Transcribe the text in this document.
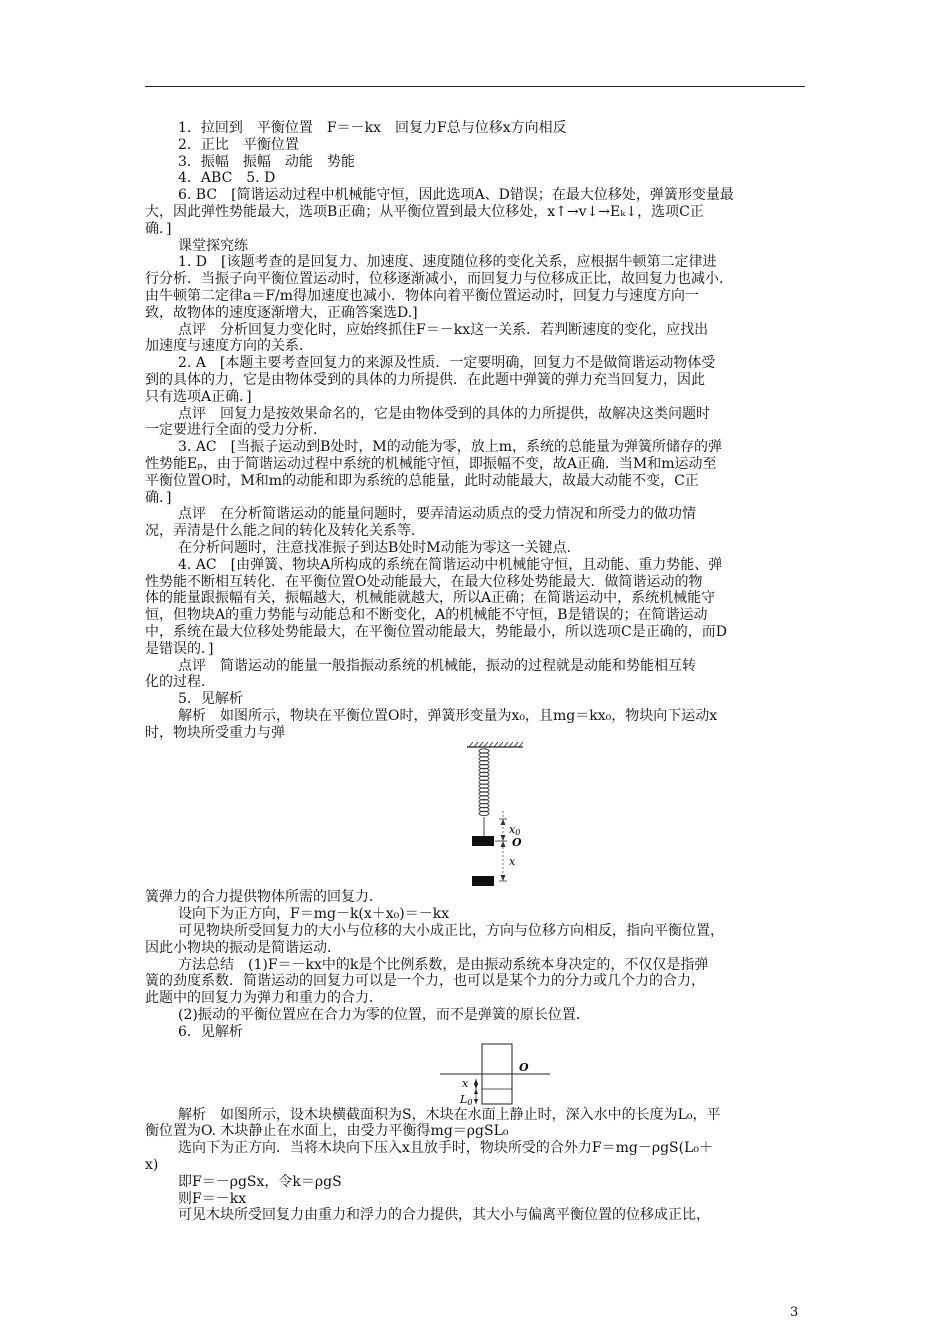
1．拉回到　平衡位置　F＝－kx　回复力F总与位移x方向相反

2．正比　平衡位置

3．振幅　振幅　动能　势能

4．ABC　5. D

6. BC　[简谐运动过程中机械能守恒，因此选项A、D错误；在最大位移处，弹簧形变量最

大，因此弹性势能最大，选项B正确；从平衡位置到最大位移处，x↑→v↓→Eₖ↓，选项C正

确．]

课堂探究练

1. D　[该题考查的是回复力、加速度、速度随位移的变化关系，应根据牛顿第二定律进

行分析．当振子向平衡位置运动时，位移逐渐减小，而回复力与位移成正比，故回复力也减小．

由牛顿第二定律a＝F/m得加速度也减小．物体向着平衡位置运动时，回复力与速度方向一

致，故物体的速度逐渐增大，正确答案选D.]

点评　分析回复力变化时，应始终抓住F＝－kx这一关系．若判断速度的变化，应找出

加速度与速度方向的关系．

2. A　[本题主要考查回复力的来源及性质．一定要明确，回复力不是做简谐运动物体受

到的具体的力，它是由物体受到的具体的力所提供．在此题中弹簧的弹力充当回复力，因此

只有选项A正确．]

点评　回复力是按效果命名的，它是由物体受到的具体的力所提供，故解决这类问题时

一定要进行全面的受力分析．

3. AC　[当振子运动到B处时，M的动能为零，放上m，系统的总能量为弹簧所储存的弹

性势能Eₚ，由于简谐运动过程中系统的机械能守恒，即振幅不变，故A正确．当M和m运动至

平衡位置O时，M和m的动能和即为系统的总能量，此时动能最大，故最大动能不变，C正

确．]

点评　在分析简谐运动的能量问题时，要弄清运动质点的受力情况和所受力的做功情

况，弄清是什么能之间的转化及转化关系等．

在分析问题时，注意找准振子到达B处时M动能为零这一关键点．

4. AC　[由弹簧、物块A所构成的系统在简谐运动中机械能守恒，且动能、重力势能、弹

性势能不断相互转化．在平衡位置O处动能最大，在最大位移处势能最大．做简谐运动的物

体的能量跟振幅有关，振幅越大，机械能就越大，所以A正确；在简谐运动中，系统机械能守

恒，但物块A的重力势能与动能总和不断变化，A的机械能不守恒，B是错误的；在简谐运动

中，系统在最大位移处势能最大，在平衡位置动能最大，势能最小，所以选项C是正确的，而D

是错误的．]

点评　简谐运动的能量一般指振动系统的机械能，振动的过程就是动能和势能相互转

化的过程．

5．见解析

解析　如图所示，物块在平衡位置O时，弹簧形变量为x₀，且mg＝kx₀，物块向下运动x

时，物块所受重力与弹

x0
O
x

簧弹力的合力提供物体所需的回复力．

设向下为正方向，F＝mg－k(x＋x₀)＝－kx

可见物块所受回复力的大小与位移的大小成正比，方向与位移方向相反，指向平衡位置，

因此小物块的振动是简谐运动．

方法总结　(1)F＝－kx中的k是个比例系数，是由振动系统本身决定的，不仅仅是指弹

簧的劲度系数．简谐运动的回复力可以是一个力，也可以是某个力的分力或几个力的合力，

此题中的回复力为弹力和重力的合力．

(2)振动的平衡位置应在合力为零的位置，而不是弹簧的原长位置．

6．见解析

O
x
L0

解析　如图所示，设木块横截面积为S，木块在水面上静止时，深入水中的长度为L₀，平

衡位置为O. 木块静止在水面上，由受力平衡得mg＝ρgSL₀

选向下为正方向．当将木块向下压入x且放手时，物块所受的合外力F＝mg－ρgS(L₀＋

x)

即F＝－ρgSx，令k＝ρgS

则F＝－kx

可见木块所受回复力由重力和浮力的合力提供，其大小与偏离平衡位置的位移成正比，

3
